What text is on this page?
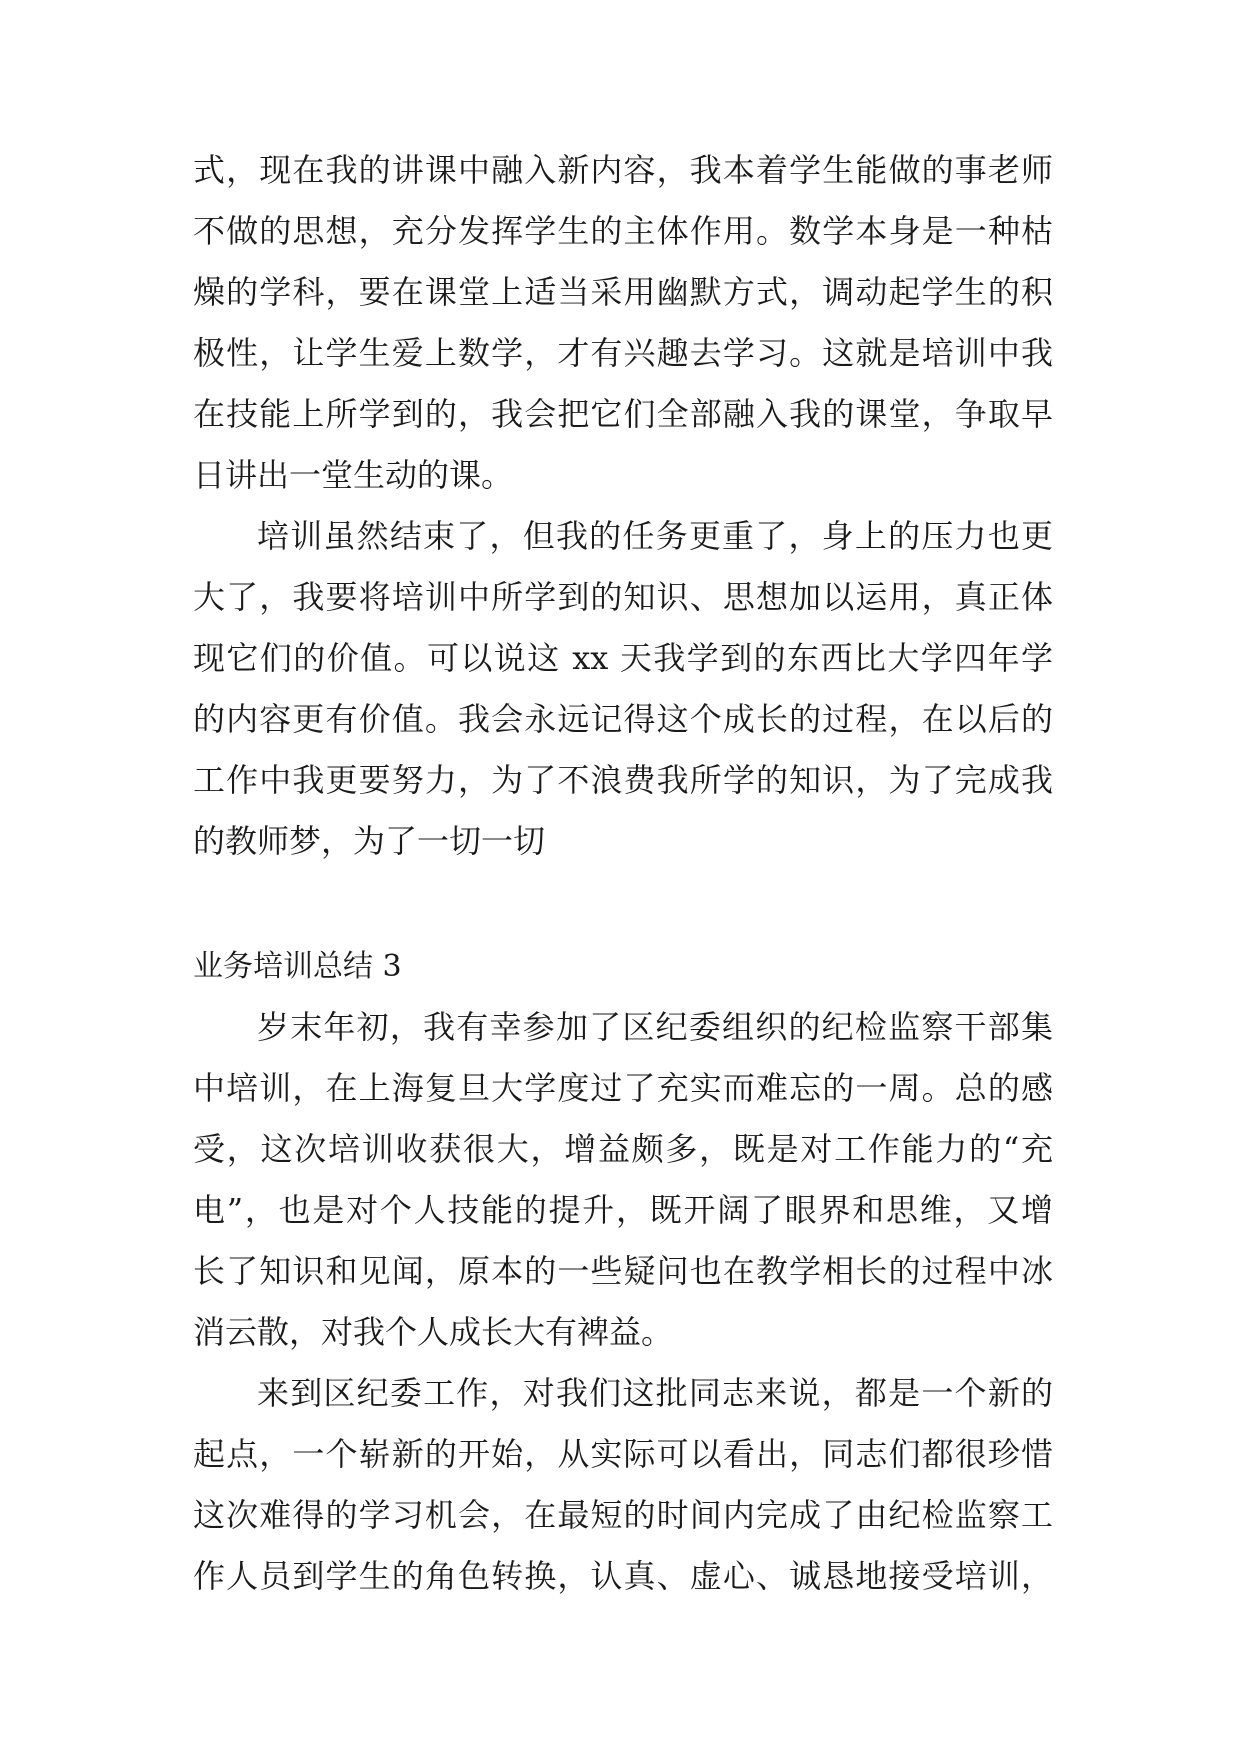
式，现在我的讲课中融入新内容，我本着学生能做的事老师
不做的思想，充分发挥学生的主体作用。数学本身是一种枯
燥的学科，要在课堂上适当采用幽默方式，调动起学生的积
极性，让学生爱上数学，才有兴趣去学习。这就是培训中我
在技能上所学到的，我会把它们全部融入我的课堂，争取早
日讲出一堂生动的课。
培训虽然结束了，但我的任务更重了，身上的压力也更
大了，我要将培训中所学到的知识、思想加以运用，真正体
现它们的价值。可以说这 xx 天我学到的东西比大学四年学
的内容更有价值。我会永远记得这个成长的过程，在以后的
工作中我更要努力，为了不浪费我所学的知识，为了完成我
的教师梦，为了一切一切
业务培训总结 3
岁末年初，我有幸参加了区纪委组织的纪检监察干部集
中培训，在上海复旦大学度过了充实而难忘的一周。总的感
受，这次培训收获很大，增益颇多，既是对工作能力的“充
电”，也是对个人技能的提升，既开阔了眼界和思维，又增
长了知识和见闻，原本的一些疑问也在教学相长的过程中冰
消云散，对我个人成长大有裨益。
来到区纪委工作，对我们这批同志来说，都是一个新的
起点，一个崭新的开始，从实际可以看出，同志们都很珍惜
这次难得的学习机会，在最短的时间内完成了由纪检监察工
作人员到学生的角色转换，认真、虚心、诚恳地接受培训，
